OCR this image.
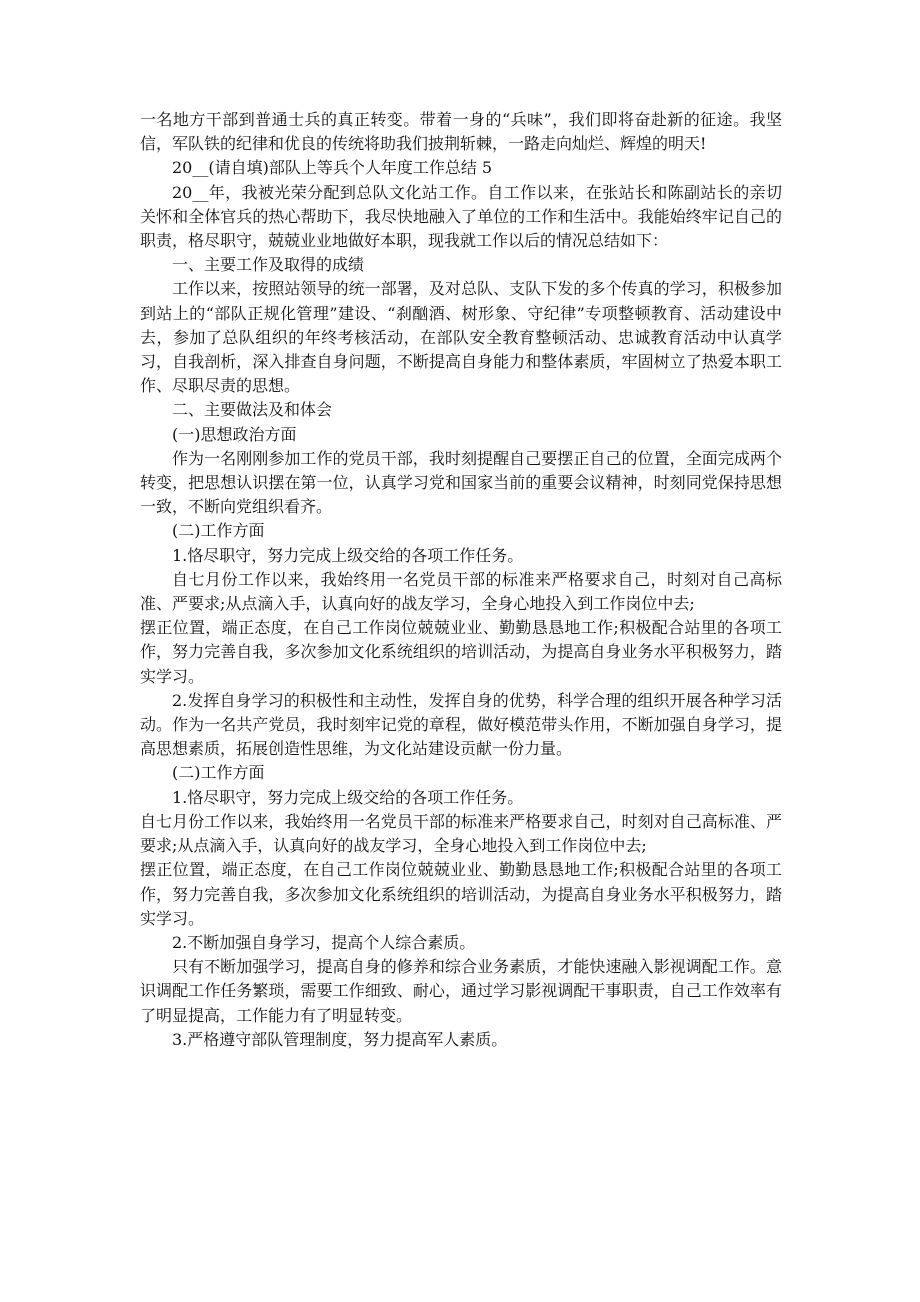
一名地方干部到普通士兵的真正转变。带着一身的“兵味”，我们即将奋赴新的征途。我坚信，军队铁的纪律和优良的传统将助我们披荆斩棘，一路走向灿烂、辉煌的明天!

20__(请自填)部队上等兵个人年度工作总结 5

20__年，我被光荣分配到总队文化站工作。自工作以来，在张站长和陈副站长的亲切关怀和全体官兵的热心帮助下，我尽快地融入了单位的工作和生活中。我能始终牢记自己的职责，格尽职守，兢兢业业地做好本职，现我就工作以后的情况总结如下：

一、主要工作及取得的成绩

工作以来，按照站领导的统一部署，及对总队、支队下发的多个传真的学习，积极参加到站上的“部队正规化管理”建设、“刹酗酒、树形象、守纪律”专项整顿教育、活动建设中去，参加了总队组织的年终考核活动，在部队安全教育整顿活动、忠诚教育活动中认真学习，自我剖析，深入排查自身问题，不断提高自身能力和整体素质，牢固树立了热爱本职工作、尽职尽责的思想。

二、主要做法及和体会

(一)思想政治方面

作为一名刚刚参加工作的党员干部，我时刻提醒自己要摆正自己的位置，全面完成两个转变，把思想认识摆在第一位，认真学习党和国家当前的重要会议精神，时刻同党保持思想一致，不断向党组织看齐。

(二)工作方面

1.恪尽职守，努力完成上级交给的各项工作任务。

自七月份工作以来，我始终用一名党员干部的标准来严格要求自己，时刻对自己高标准、严要求;从点滴入手，认真向好的战友学习，全身心地投入到工作岗位中去;

摆正位置，端正态度，在自己工作岗位兢兢业业、勤勤恳恳地工作;积极配合站里的各项工作，努力完善自我，多次参加文化系统组织的培训活动，为提高自身业务水平积极努力，踏实学习。

2.发挥自身学习的积极性和主动性，发挥自身的优势，科学合理的组织开展各种学习活动。作为一名共产党员，我时刻牢记党的章程，做好模范带头作用，不断加强自身学习，提高思想素质，拓展创造性思维，为文化站建设贡献一份力量。

(二)工作方面

1.恪尽职守，努力完成上级交给的各项工作任务。

自七月份工作以来，我始终用一名党员干部的标准来严格要求自己，时刻对自己高标准、严要求;从点滴入手，认真向好的战友学习，全身心地投入到工作岗位中去;

摆正位置，端正态度，在自己工作岗位兢兢业业、勤勤恳恳地工作;积极配合站里的各项工作，努力完善自我，多次参加文化系统组织的培训活动，为提高自身业务水平积极努力，踏实学习。

2.不断加强自身学习，提高个人综合素质。

只有不断加强学习，提高自身的修养和综合业务素质，才能快速融入影视调配工作。意识调配工作任务繁琐，需要工作细致、耐心，通过学习影视调配干事职责，自己工作效率有了明显提高，工作能力有了明显转变。

3.严格遵守部队管理制度，努力提高军人素质。
